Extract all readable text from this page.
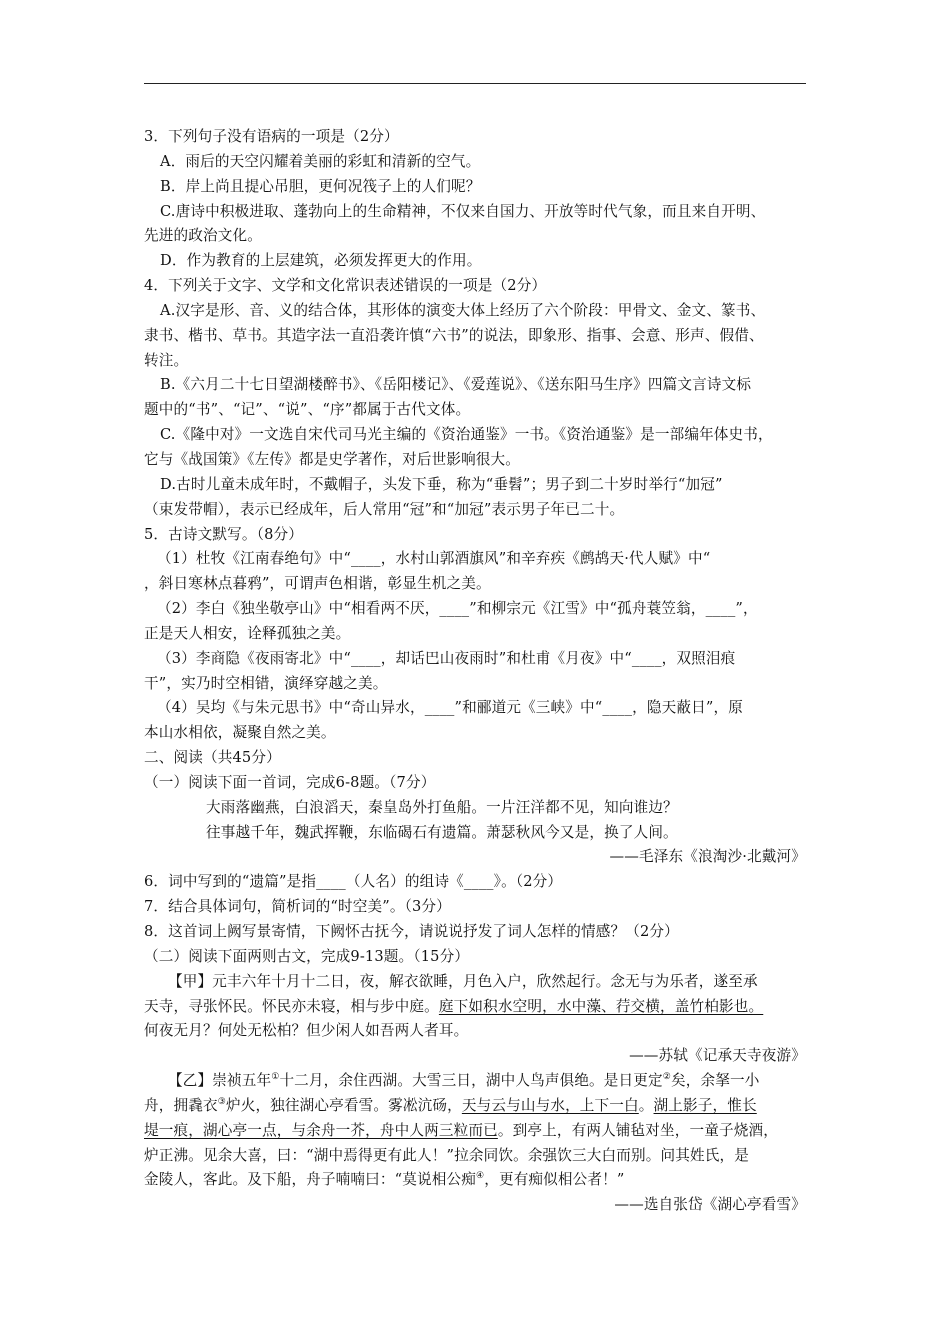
3．下列句子没有语病的一项是（2分）
A．雨后的天空闪耀着美丽的彩虹和清新的空气。
B．岸上尚且提心吊胆，更何况筏子上的人们呢？
C.唐诗中积极进取、蓬勃向上的生命精神，不仅来自国力、开放等时代气象，而且来自开明、
先进的政治文化。
D．作为教育的上层建筑，必须发挥更大的作用。
4．下列关于文字、文学和文化常识表述错误的一项是（2分）
A.汉字是形、音、义的结合体，其形体的演变大体上经历了六个阶段：甲骨文、金文、篆书、
隶书、楷书、草书。其造字法一直沿袭许慎“六书”的说法，即象形、指事、会意、形声、假借、
转注。
B.《六月二十七日望湖楼醉书》、《岳阳楼记》、《爱莲说》、《送东阳马生序》四篇文言诗文标
题中的“书”、“记”、“说”、“序”都属于古代文体。
C.《隆中对》一文选自宋代司马光主编的《资治通鉴》一书。《资治通鉴》是一部编年体史书，
它与《战国策》《左传》都是史学著作，对后世影响很大。
D.古时儿童未成年时，不戴帽子，头发下垂，称为“垂髫”；男子到二十岁时举行“加冠”
（束发带帽），表示已经成年，后人常用“冠”和“加冠”表示男子年已二十。
5．古诗文默写。（8分）
（1）杜牧《江南春绝句》中“____，水村山郭酒旗风”和辛弃疾《鹧鸪天·代人赋》中“
，斜日寒林点暮鸦”，可谓声色相谐，彰显生机之美。
（2）李白《独坐敬亭山》中“相看两不厌，____”和柳宗元《江雪》中“孤舟蓑笠翁，____”，
正是天人相安，诠释孤独之美。
（3）李商隐《夜雨寄北》中“____，却话巴山夜雨时”和杜甫《月夜》中“____，双照泪痕
干”，实乃时空相错，演绎穿越之美。
（4）吴均《与朱元思书》中“奇山异水，____”和郦道元《三峡》中“____，隐天蔽日”，原
本山水相依，凝聚自然之美。
二、阅读（共45分）
（一）阅读下面一首词，完成6-8题。（7分）
大雨落幽燕，白浪滔天，秦皇岛外打鱼船。一片汪洋都不见，知向谁边？
往事越千年，魏武挥鞭，东临碣石有遗篇。萧瑟秋风今又是，换了人间。
——毛泽东《浪淘沙·北戴河》
6．词中写到的“遗篇”是指____（人名）的组诗《____》。（2分）
7．结合具体词句，简析词的“时空美”。（3分）
8．这首词上阙写景寄情，下阙怀古抚今，请说说抒发了词人怎样的情感？（2分）
（二）阅读下面两则古文，完成9-13题。（15分）
【甲】元丰六年十月十二日，夜，解衣欲睡，月色入户，欣然起行。念无与为乐者，遂至承
天寺，寻张怀民。怀民亦未寝，相与步中庭。庭下如积水空明，水中藻、荇交横，盖竹柏影也。
何夜无月？何处无松柏？但少闲人如吾两人者耳。
——苏轼《记承天寺夜游》
【乙】崇祯五年①十二月，余住西湖。大雪三日，湖中人鸟声俱绝。是日更定②矣，余拏一小
舟，拥毳衣③炉火，独往湖心亭看雪。雾凇沆砀，天与云与山与水，上下一白。湖上影子，惟长
堤一痕，湖心亭一点，与余舟一芥，舟中人两三粒而已。到亭上，有两人铺毡对坐，一童子烧酒，
炉正沸。见余大喜，曰：“湖中焉得更有此人！”拉余同饮。余强饮三大白而别。问其姓氏，是
金陵人，客此。及下船，舟子喃喃曰：“莫说相公痴④，更有痴似相公者！”
——选自张岱《湖心亭看雪》
